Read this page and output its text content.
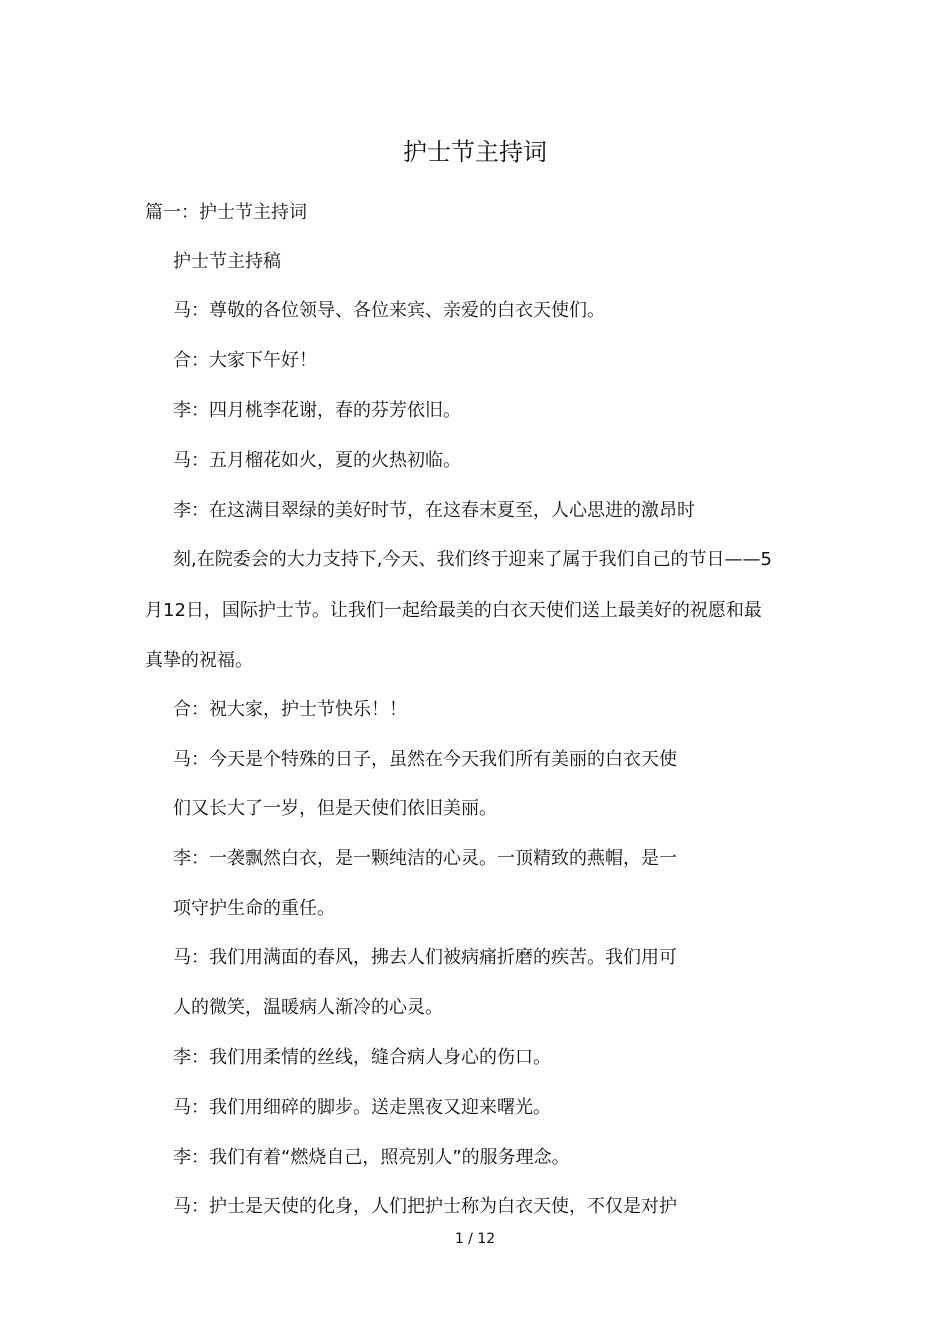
护士节主持词
篇一：护士节主持词
护士节主持稿
马：尊敬的各位领导、各位来宾、亲爱的白衣天使们。
合：大家下午好！
李：四月桃李花谢，春的芬芳依旧。
马：五月榴花如火，夏的火热初临。
李：在这满目翠绿的美好时节，在这春末夏至，人心思进的激昂时
刻,在院委会的大力支持下,今天、我们终于迎来了属于我们自己的节日——5
月12日，国际护士节。让我们一起给最美的白衣天使们送上最美好的祝愿和最
真挚的祝福。
合：祝大家，护士节快乐！！
马：今天是个特殊的日子，虽然在今天我们所有美丽的白衣天使
们又长大了一岁，但是天使们依旧美丽。
李：一袭飘然白衣，是一颗纯洁的心灵。一顶精致的燕帽，是一
项守护生命的重任。
马：我们用满面的春风，拂去人们被病痛折磨的疾苦。我们用可
人的微笑，温暖病人渐冷的心灵。
李：我们用柔情的丝线，缝合病人身心的伤口。
马：我们用细碎的脚步。送走黑夜又迎来曙光。
李：我们有着“燃烧自己，照亮别人”的服务理念。
马：护士是天使的化身，人们把护士称为白衣天使，不仅是对护
1 / 12
